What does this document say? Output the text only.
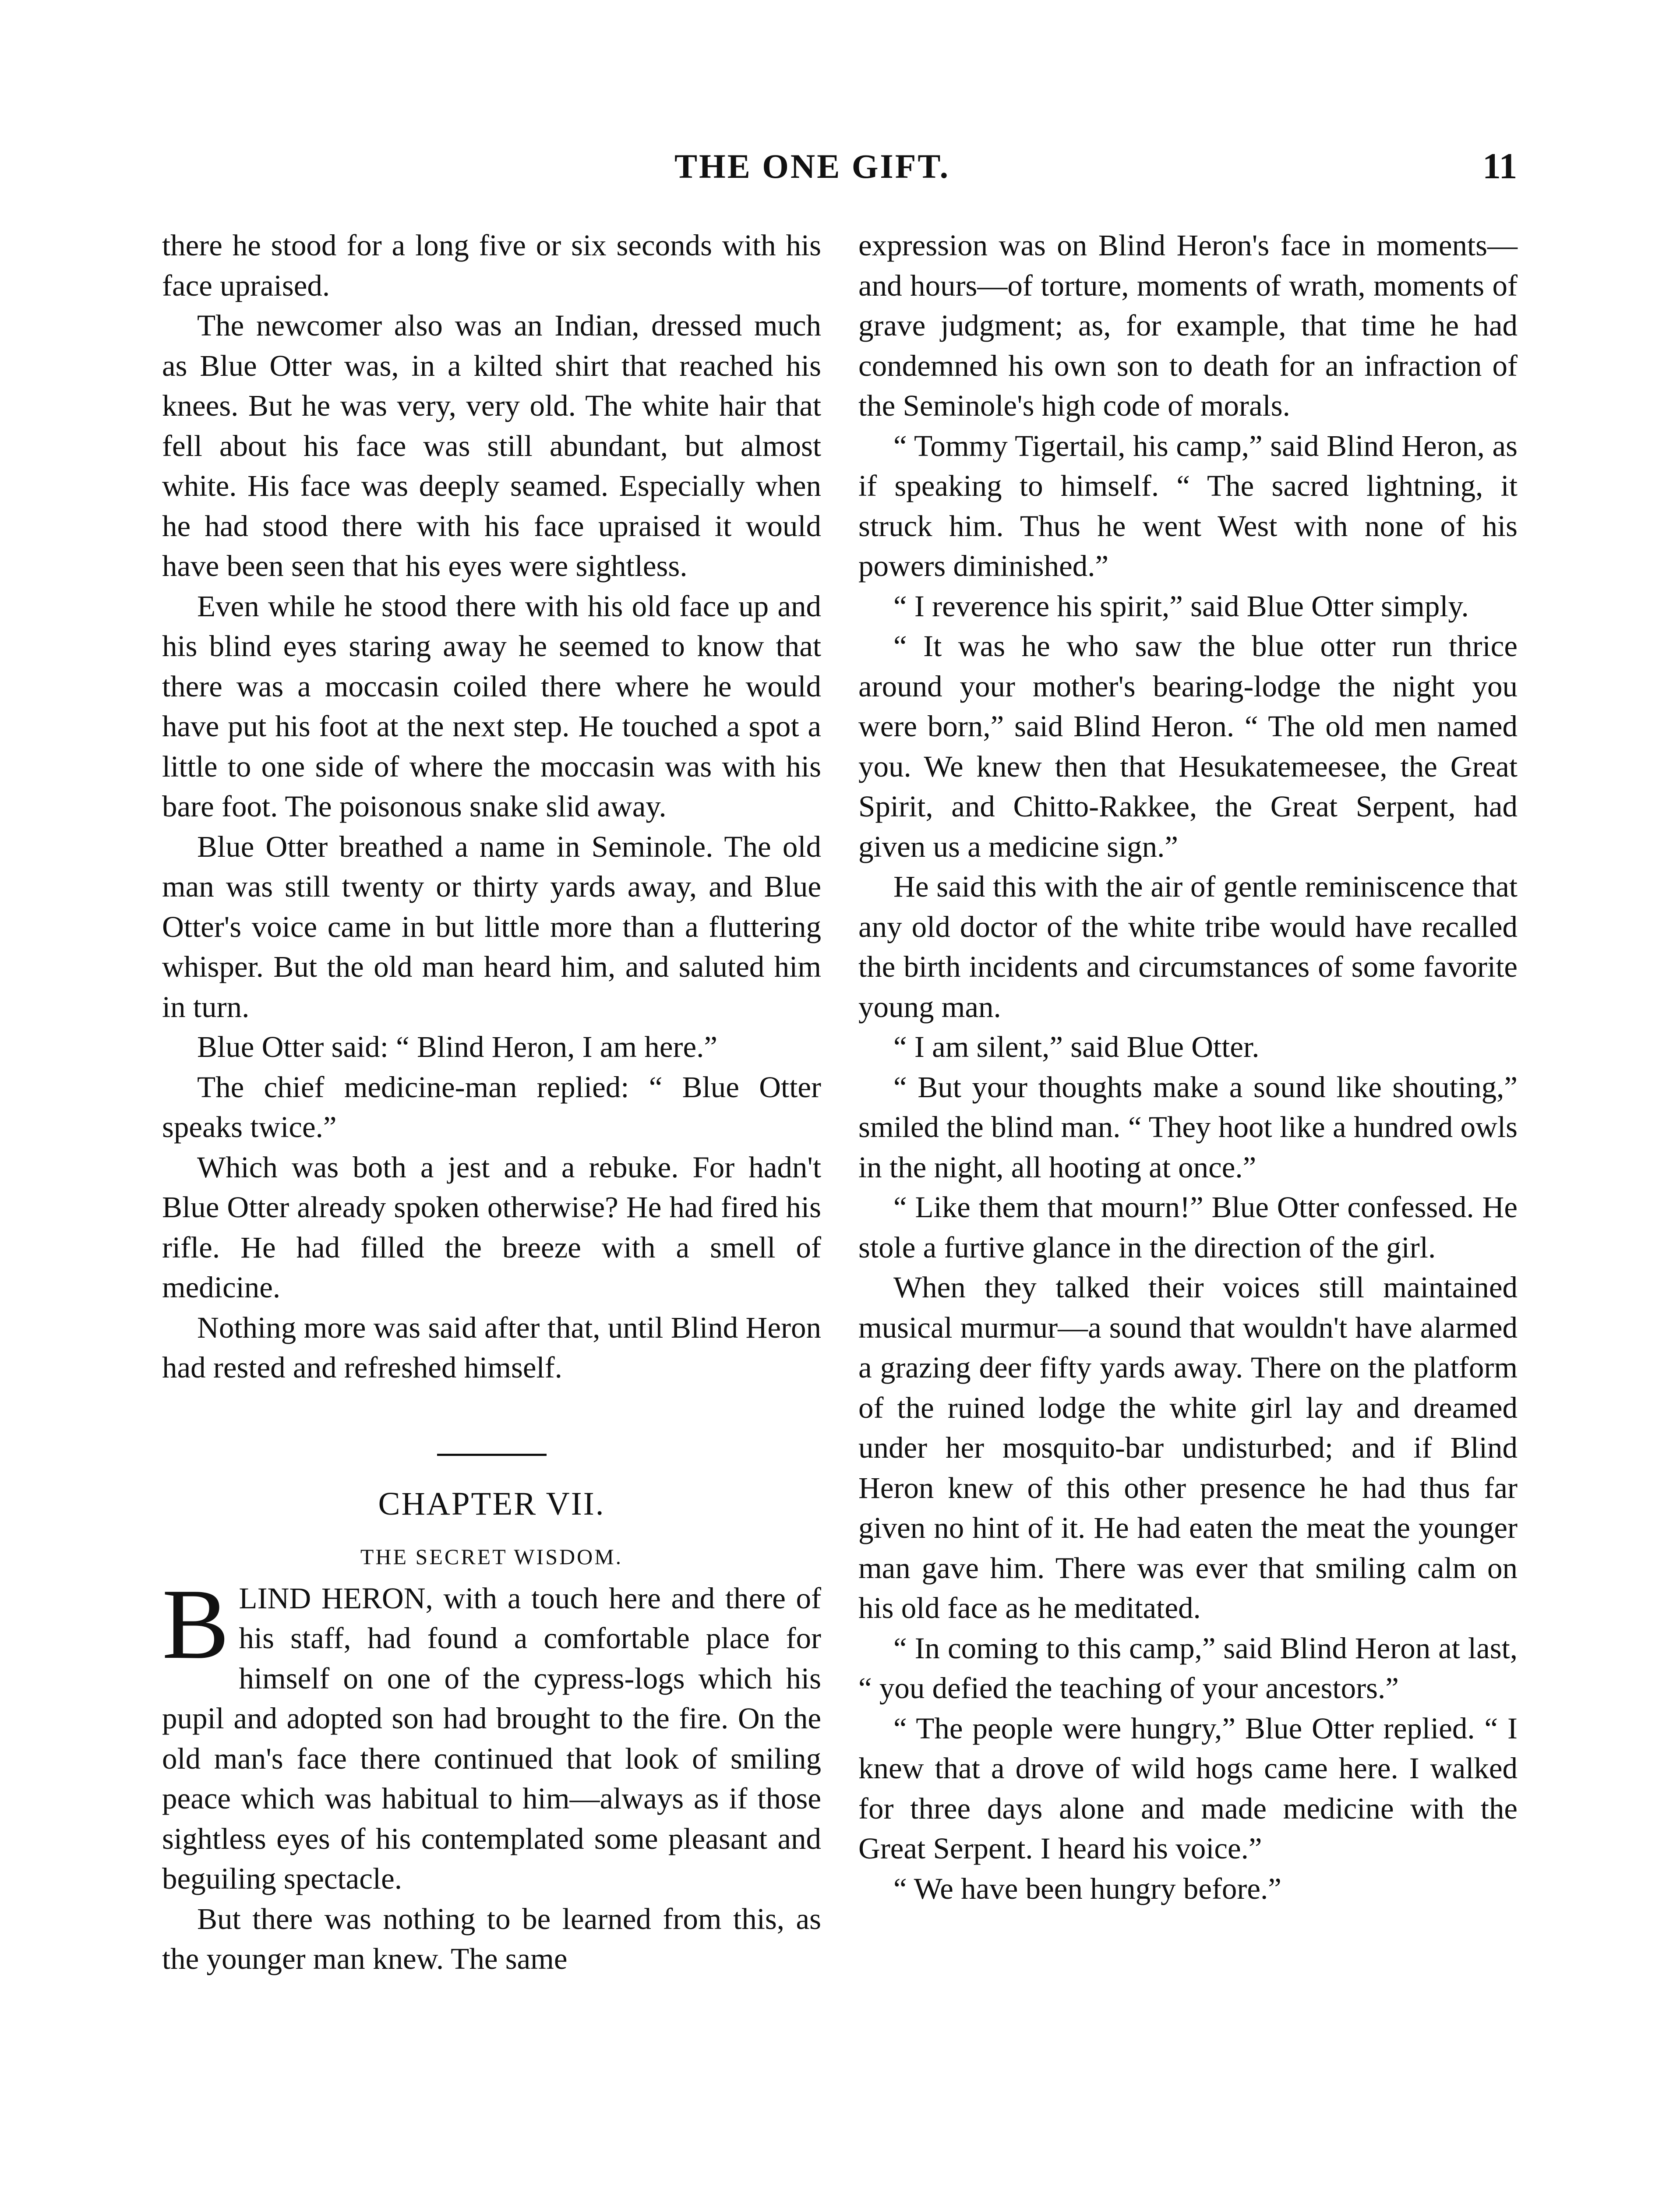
THE ONE GIFT.	11

there he stood for a long five or six seconds with his face upraised.

The newcomer also was an Indian, dressed much as Blue Otter was, in a kilted shirt that reached his knees. But he was very, very old. The white hair that fell about his face was still abundant, but almost white. His face was deeply seamed. Especially when he had stood there with his face upraised it would have been seen that his eyes were sightless.

Even while he stood there with his old face up and his blind eyes staring away he seemed to know that there was a moccasin coiled there where he would have put his foot at the next step. He touched a spot a little to one side of where the moccasin was with his bare foot. The poisonous snake slid away.

Blue Otter breathed a name in Seminole. The old man was still twenty or thirty yards away, and Blue Otter's voice came in but little more than a fluttering whisper. But the old man heard him, and saluted him in turn.

Blue Otter said: “ Blind Heron, I am here.”

The chief medicine-man replied: “ Blue Otter speaks twice.”

Which was both a jest and a rebuke. For hadn't Blue Otter already spoken otherwise? He had fired his rifle. He had filled the breeze with a smell of medicine.

Nothing more was said after that, until Blind Heron had rested and refreshed himself.

CHAPTER VII.
THE SECRET WISDOM.

BLIND HERON, with a touch here and there of his staff, had found a comfortable place for himself on one of the cypress-logs which his pupil and adopted son had brought to the fire. On the old man's face there continued that look of smiling peace which was habitual to him—always as if those sightless eyes of his contemplated some pleasant and beguiling spectacle.

But there was nothing to be learned from this, as the younger man knew. The same

expression was on Blind Heron's face in moments—and hours—of torture, moments of wrath, moments of grave judgment; as, for example, that time he had condemned his own son to death for an infraction of the Seminole's high code of morals.

“ Tommy Tigertail, his camp,” said Blind Heron, as if speaking to himself. “ The sacred lightning, it struck him. Thus he went West with none of his powers diminished.”

“ I reverence his spirit,” said Blue Otter simply.

“ It was he who saw the blue otter run thrice around your mother's bearing-lodge the night you were born,” said Blind Heron. “ The old men named you. We knew then that Hesukatemeesee, the Great Spirit, and Chitto-Rakkee, the Great Serpent, had given us a medicine sign.”

He said this with the air of gentle reminiscence that any old doctor of the white tribe would have recalled the birth incidents and circumstances of some favorite young man.

“ I am silent,” said Blue Otter.

“ But your thoughts make a sound like shouting,” smiled the blind man. “ They hoot like a hundred owls in the night, all hooting at once.”

“ Like them that mourn!” Blue Otter confessed. He stole a furtive glance in the direction of the girl.

When they talked their voices still maintained musical murmur—a sound that wouldn't have alarmed a grazing deer fifty yards away. There on the platform of the ruined lodge the white girl lay and dreamed under her mosquito-bar undisturbed; and if Blind Heron knew of this other presence he had thus far given no hint of it. He had eaten the meat the younger man gave him. There was ever that smiling calm on his old face as he meditated.

“ In coming to this camp,” said Blind Heron at last, “ you defied the teaching of your ancestors.”

“ The people were hungry,” Blue Otter replied. “ I knew that a drove of wild hogs came here. I walked for three days alone and made medicine with the Great Serpent. I heard his voice.”

“ We have been hungry before.”
